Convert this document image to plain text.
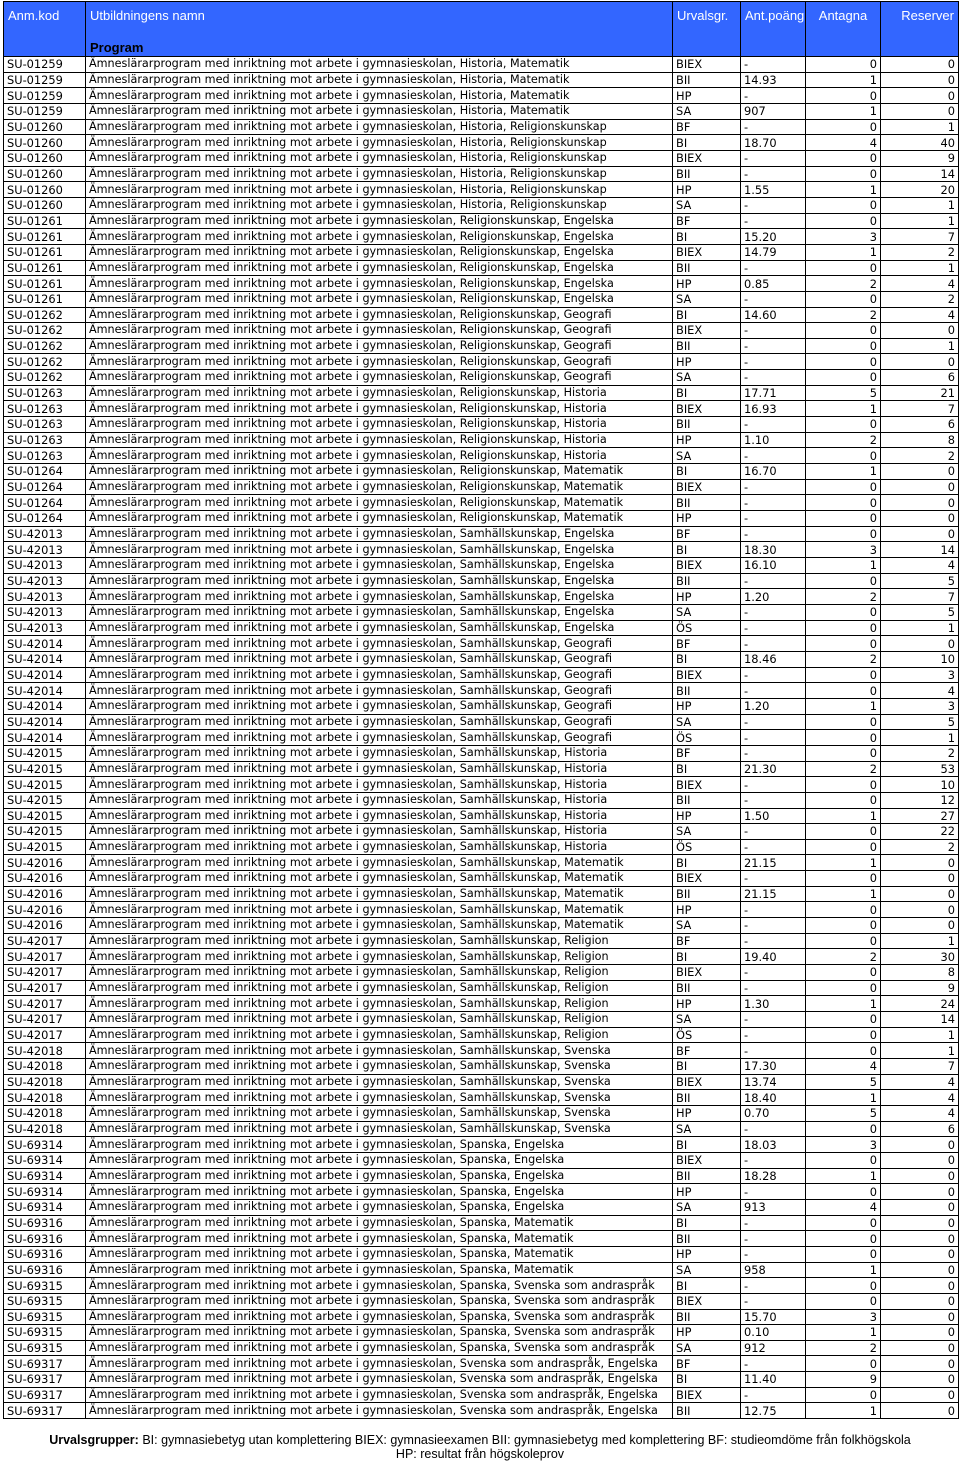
Anm.kod	Utbildningens namn	Urvalsgr.	Ant.poäng	Antagna	Reserver
	Program				
SU-01259	Ämneslärarprogram med inriktning mot arbete i gymnasieskolan, Historia, Matematik	BIEX	-	0	0
SU-01259	Ämneslärarprogram med inriktning mot arbete i gymnasieskolan, Historia, Matematik	BII	14.93	1	0
SU-01259	Ämneslärarprogram med inriktning mot arbete i gymnasieskolan, Historia, Matematik	HP	-	0	0
SU-01259	Ämneslärarprogram med inriktning mot arbete i gymnasieskolan, Historia, Matematik	SA	907	1	0
SU-01260	Ämneslärarprogram med inriktning mot arbete i gymnasieskolan, Historia, Religionskunskap	BF	-	0	1
SU-01260	Ämneslärarprogram med inriktning mot arbete i gymnasieskolan, Historia, Religionskunskap	BI	18.70	4	40
SU-01260	Ämneslärarprogram med inriktning mot arbete i gymnasieskolan, Historia, Religionskunskap	BIEX	-	0	9
SU-01260	Ämneslärarprogram med inriktning mot arbete i gymnasieskolan, Historia, Religionskunskap	BII	-	0	14
SU-01260	Ämneslärarprogram med inriktning mot arbete i gymnasieskolan, Historia, Religionskunskap	HP	1.55	1	20
SU-01260	Ämneslärarprogram med inriktning mot arbete i gymnasieskolan, Historia, Religionskunskap	SA	-	0	1
SU-01261	Ämneslärarprogram med inriktning mot arbete i gymnasieskolan, Religionskunskap, Engelska	BF	-	0	1
SU-01261	Ämneslärarprogram med inriktning mot arbete i gymnasieskolan, Religionskunskap, Engelska	BI	15.20	3	7
SU-01261	Ämneslärarprogram med inriktning mot arbete i gymnasieskolan, Religionskunskap, Engelska	BIEX	14.79	1	2
SU-01261	Ämneslärarprogram med inriktning mot arbete i gymnasieskolan, Religionskunskap, Engelska	BII	-	0	1
SU-01261	Ämneslärarprogram med inriktning mot arbete i gymnasieskolan, Religionskunskap, Engelska	HP	0.85	2	4
SU-01261	Ämneslärarprogram med inriktning mot arbete i gymnasieskolan, Religionskunskap, Engelska	SA	-	0	2
SU-01262	Ämneslärarprogram med inriktning mot arbete i gymnasieskolan, Religionskunskap, Geografi	BI	14.60	2	4
SU-01262	Ämneslärarprogram med inriktning mot arbete i gymnasieskolan, Religionskunskap, Geografi	BIEX	-	0	0
SU-01262	Ämneslärarprogram med inriktning mot arbete i gymnasieskolan, Religionskunskap, Geografi	BII	-	0	1
SU-01262	Ämneslärarprogram med inriktning mot arbete i gymnasieskolan, Religionskunskap, Geografi	HP	-	0	0
SU-01262	Ämneslärarprogram med inriktning mot arbete i gymnasieskolan, Religionskunskap, Geografi	SA	-	0	6
SU-01263	Ämneslärarprogram med inriktning mot arbete i gymnasieskolan, Religionskunskap, Historia	BI	17.71	5	21
SU-01263	Ämneslärarprogram med inriktning mot arbete i gymnasieskolan, Religionskunskap, Historia	BIEX	16.93	1	7
SU-01263	Ämneslärarprogram med inriktning mot arbete i gymnasieskolan, Religionskunskap, Historia	BII	-	0	6
SU-01263	Ämneslärarprogram med inriktning mot arbete i gymnasieskolan, Religionskunskap, Historia	HP	1.10	2	8
SU-01263	Ämneslärarprogram med inriktning mot arbete i gymnasieskolan, Religionskunskap, Historia	SA	-	0	2
SU-01264	Ämneslärarprogram med inriktning mot arbete i gymnasieskolan, Religionskunskap, Matematik	BI	16.70	1	0
SU-01264	Ämneslärarprogram med inriktning mot arbete i gymnasieskolan, Religionskunskap, Matematik	BIEX	-	0	0
SU-01264	Ämneslärarprogram med inriktning mot arbete i gymnasieskolan, Religionskunskap, Matematik	BII	-	0	0
SU-01264	Ämneslärarprogram med inriktning mot arbete i gymnasieskolan, Religionskunskap, Matematik	HP	-	0	0
SU-42013	Ämneslärarprogram med inriktning mot arbete i gymnasieskolan, Samhällskunskap, Engelska	BF	-	0	0
SU-42013	Ämneslärarprogram med inriktning mot arbete i gymnasieskolan, Samhällskunskap, Engelska	BI	18.30	3	14
SU-42013	Ämneslärarprogram med inriktning mot arbete i gymnasieskolan, Samhällskunskap, Engelska	BIEX	16.10	1	4
SU-42013	Ämneslärarprogram med inriktning mot arbete i gymnasieskolan, Samhällskunskap, Engelska	BII	-	0	5
SU-42013	Ämneslärarprogram med inriktning mot arbete i gymnasieskolan, Samhällskunskap, Engelska	HP	1.20	2	7
SU-42013	Ämneslärarprogram med inriktning mot arbete i gymnasieskolan, Samhällskunskap, Engelska	SA	-	0	5
SU-42013	Ämneslärarprogram med inriktning mot arbete i gymnasieskolan, Samhällskunskap, Engelska	ÖS	-	0	1
SU-42014	Ämneslärarprogram med inriktning mot arbete i gymnasieskolan, Samhällskunskap, Geografi	BF	-	0	0
SU-42014	Ämneslärarprogram med inriktning mot arbete i gymnasieskolan, Samhällskunskap, Geografi	BI	18.46	2	10
SU-42014	Ämneslärarprogram med inriktning mot arbete i gymnasieskolan, Samhällskunskap, Geografi	BIEX	-	0	3
SU-42014	Ämneslärarprogram med inriktning mot arbete i gymnasieskolan, Samhällskunskap, Geografi	BII	-	0	4
SU-42014	Ämneslärarprogram med inriktning mot arbete i gymnasieskolan, Samhällskunskap, Geografi	HP	1.20	1	3
SU-42014	Ämneslärarprogram med inriktning mot arbete i gymnasieskolan, Samhällskunskap, Geografi	SA	-	0	5
SU-42014	Ämneslärarprogram med inriktning mot arbete i gymnasieskolan, Samhällskunskap, Geografi	ÖS	-	0	1
SU-42015	Ämneslärarprogram med inriktning mot arbete i gymnasieskolan, Samhällskunskap, Historia	BF	-	0	2
SU-42015	Ämneslärarprogram med inriktning mot arbete i gymnasieskolan, Samhällskunskap, Historia	BI	21.30	2	53
SU-42015	Ämneslärarprogram med inriktning mot arbete i gymnasieskolan, Samhällskunskap, Historia	BIEX	-	0	10
SU-42015	Ämneslärarprogram med inriktning mot arbete i gymnasieskolan, Samhällskunskap, Historia	BII	-	0	12
SU-42015	Ämneslärarprogram med inriktning mot arbete i gymnasieskolan, Samhällskunskap, Historia	HP	1.50	1	27
SU-42015	Ämneslärarprogram med inriktning mot arbete i gymnasieskolan, Samhällskunskap, Historia	SA	-	0	22
SU-42015	Ämneslärarprogram med inriktning mot arbete i gymnasieskolan, Samhällskunskap, Historia	ÖS	-	0	2
SU-42016	Ämneslärarprogram med inriktning mot arbete i gymnasieskolan, Samhällskunskap, Matematik	BI	21.15	1	0
SU-42016	Ämneslärarprogram med inriktning mot arbete i gymnasieskolan, Samhällskunskap, Matematik	BIEX	-	0	0
SU-42016	Ämneslärarprogram med inriktning mot arbete i gymnasieskolan, Samhällskunskap, Matematik	BII	21.15	1	0
SU-42016	Ämneslärarprogram med inriktning mot arbete i gymnasieskolan, Samhällskunskap, Matematik	HP	-	0	0
SU-42016	Ämneslärarprogram med inriktning mot arbete i gymnasieskolan, Samhällskunskap, Matematik	SA	-	0	0
SU-42017	Ämneslärarprogram med inriktning mot arbete i gymnasieskolan, Samhällskunskap, Religion	BF	-	0	1
SU-42017	Ämneslärarprogram med inriktning mot arbete i gymnasieskolan, Samhällskunskap, Religion	BI	19.40	2	30
SU-42017	Ämneslärarprogram med inriktning mot arbete i gymnasieskolan, Samhällskunskap, Religion	BIEX	-	0	8
SU-42017	Ämneslärarprogram med inriktning mot arbete i gymnasieskolan, Samhällskunskap, Religion	BII	-	0	9
SU-42017	Ämneslärarprogram med inriktning mot arbete i gymnasieskolan, Samhällskunskap, Religion	HP	1.30	1	24
SU-42017	Ämneslärarprogram med inriktning mot arbete i gymnasieskolan, Samhällskunskap, Religion	SA	-	0	14
SU-42017	Ämneslärarprogram med inriktning mot arbete i gymnasieskolan, Samhällskunskap, Religion	ÖS	-	0	1
SU-42018	Ämneslärarprogram med inriktning mot arbete i gymnasieskolan, Samhällskunskap, Svenska	BF	-	0	1
SU-42018	Ämneslärarprogram med inriktning mot arbete i gymnasieskolan, Samhällskunskap, Svenska	BI	17.30	4	7
SU-42018	Ämneslärarprogram med inriktning mot arbete i gymnasieskolan, Samhällskunskap, Svenska	BIEX	13.74	5	4
SU-42018	Ämneslärarprogram med inriktning mot arbete i gymnasieskolan, Samhällskunskap, Svenska	BII	18.40	1	4
SU-42018	Ämneslärarprogram med inriktning mot arbete i gymnasieskolan, Samhällskunskap, Svenska	HP	0.70	5	4
SU-42018	Ämneslärarprogram med inriktning mot arbete i gymnasieskolan, Samhällskunskap, Svenska	SA	-	0	6
SU-69314	Ämneslärarprogram med inriktning mot arbete i gymnasieskolan, Spanska, Engelska	BI	18.03	3	0
SU-69314	Ämneslärarprogram med inriktning mot arbete i gymnasieskolan, Spanska, Engelska	BIEX	-	0	0
SU-69314	Ämneslärarprogram med inriktning mot arbete i gymnasieskolan, Spanska, Engelska	BII	18.28	1	0
SU-69314	Ämneslärarprogram med inriktning mot arbete i gymnasieskolan, Spanska, Engelska	HP	-	0	0
SU-69314	Ämneslärarprogram med inriktning mot arbete i gymnasieskolan, Spanska, Engelska	SA	913	4	0
SU-69316	Ämneslärarprogram med inriktning mot arbete i gymnasieskolan, Spanska, Matematik	BI	-	0	0
SU-69316	Ämneslärarprogram med inriktning mot arbete i gymnasieskolan, Spanska, Matematik	BII	-	0	0
SU-69316	Ämneslärarprogram med inriktning mot arbete i gymnasieskolan, Spanska, Matematik	HP	-	0	0
SU-69316	Ämneslärarprogram med inriktning mot arbete i gymnasieskolan, Spanska, Matematik	SA	958	1	0
SU-69315	Ämneslärarprogram med inriktning mot arbete i gymnasieskolan, Spanska, Svenska som andraspråk	BI	-	0	0
SU-69315	Ämneslärarprogram med inriktning mot arbete i gymnasieskolan, Spanska, Svenska som andraspråk	BIEX	-	0	0
SU-69315	Ämneslärarprogram med inriktning mot arbete i gymnasieskolan, Spanska, Svenska som andraspråk	BII	15.70	3	0
SU-69315	Ämneslärarprogram med inriktning mot arbete i gymnasieskolan, Spanska, Svenska som andraspråk	HP	0.10	1	0
SU-69315	Ämneslärarprogram med inriktning mot arbete i gymnasieskolan, Spanska, Svenska som andraspråk	SA	912	2	0
SU-69317	Ämneslärarprogram med inriktning mot arbete i gymnasieskolan, Svenska som andraspråk, Engelska	BF	-	0	0
SU-69317	Ämneslärarprogram med inriktning mot arbete i gymnasieskolan, Svenska som andraspråk, Engelska	BI	11.40	9	0
SU-69317	Ämneslärarprogram med inriktning mot arbete i gymnasieskolan, Svenska som andraspråk, Engelska	BIEX	-	0	0
SU-69317	Ämneslärarprogram med inriktning mot arbete i gymnasieskolan, Svenska som andraspråk, Engelska	BII	12.75	1	0
Urvalsgrupper: BI: gymnasiebetyg utan komplettering BIEX: gymnasieexamen BII: gymnasiebetyg med komplettering BF: studieomdöme från folkhögskola
HP: resultat från högskoleprov
